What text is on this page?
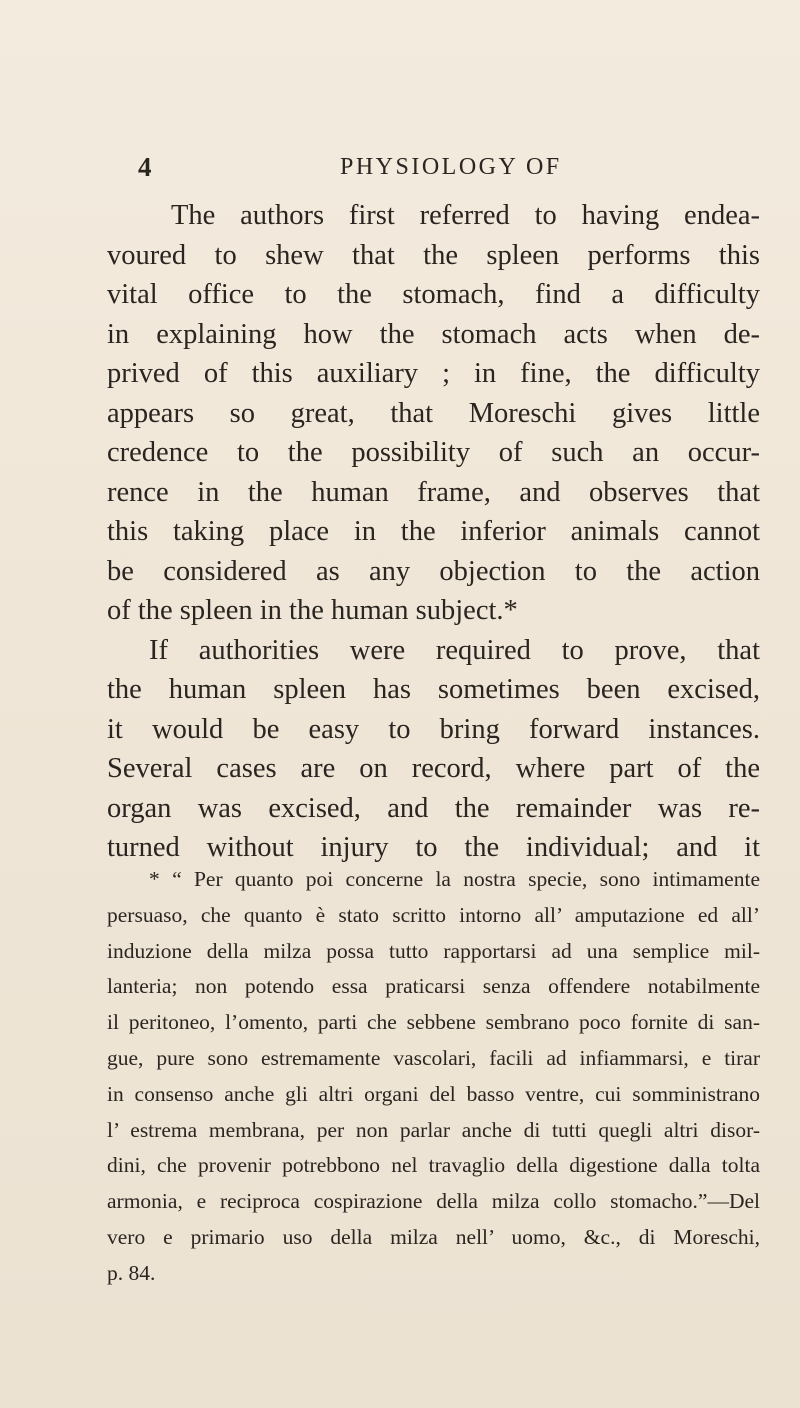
4	PHYSIOLOGY OF

The authors first referred to having endea-
voured to shew that the spleen performs this
vital office to the stomach, find a difficulty
in explaining how the stomach acts when de-
prived of this auxiliary ; in fine, the difficulty
appears so great, that Moreschi gives little
credence to the possibility of such an occur-
rence in the human frame, and observes that
this taking place in the inferior animals cannot
be considered as any objection to the action
of the spleen in the human subject.*

If authorities were required to prove, that
the human spleen has sometimes been excised,
it would be easy to bring forward instances.
Several cases are on record, where part of the
organ was excised, and the remainder was re-
turned without injury to the individual; and it

* “ Per quanto poi concerne la nostra specie, sono intimamente
persuaso, che quanto è stato scritto intorno all’ amputazione ed all’
induzione della milza possa tutto rapportarsi ad una semplice mil-
lanteria; non potendo essa praticarsi senza offendere notabilmente
il peritoneo, l’omento, parti che sebbene sembrano poco fornite di san-
gue, pure sono estremamente vascolari, facili ad infiammarsi, e tirar
in consenso anche gli altri organi del basso ventre, cui somministrano
l’ estrema membrana, per non parlar anche di tutti quegli altri disor-
dini, che provenir potrebbono nel travaglio della digestione dalla tolta
armonia, e reciproca cospirazione della milza collo stomacho.”—Del
vero e primario uso della milza nell’ uomo, &c., di Moreschi,
p. 84.
